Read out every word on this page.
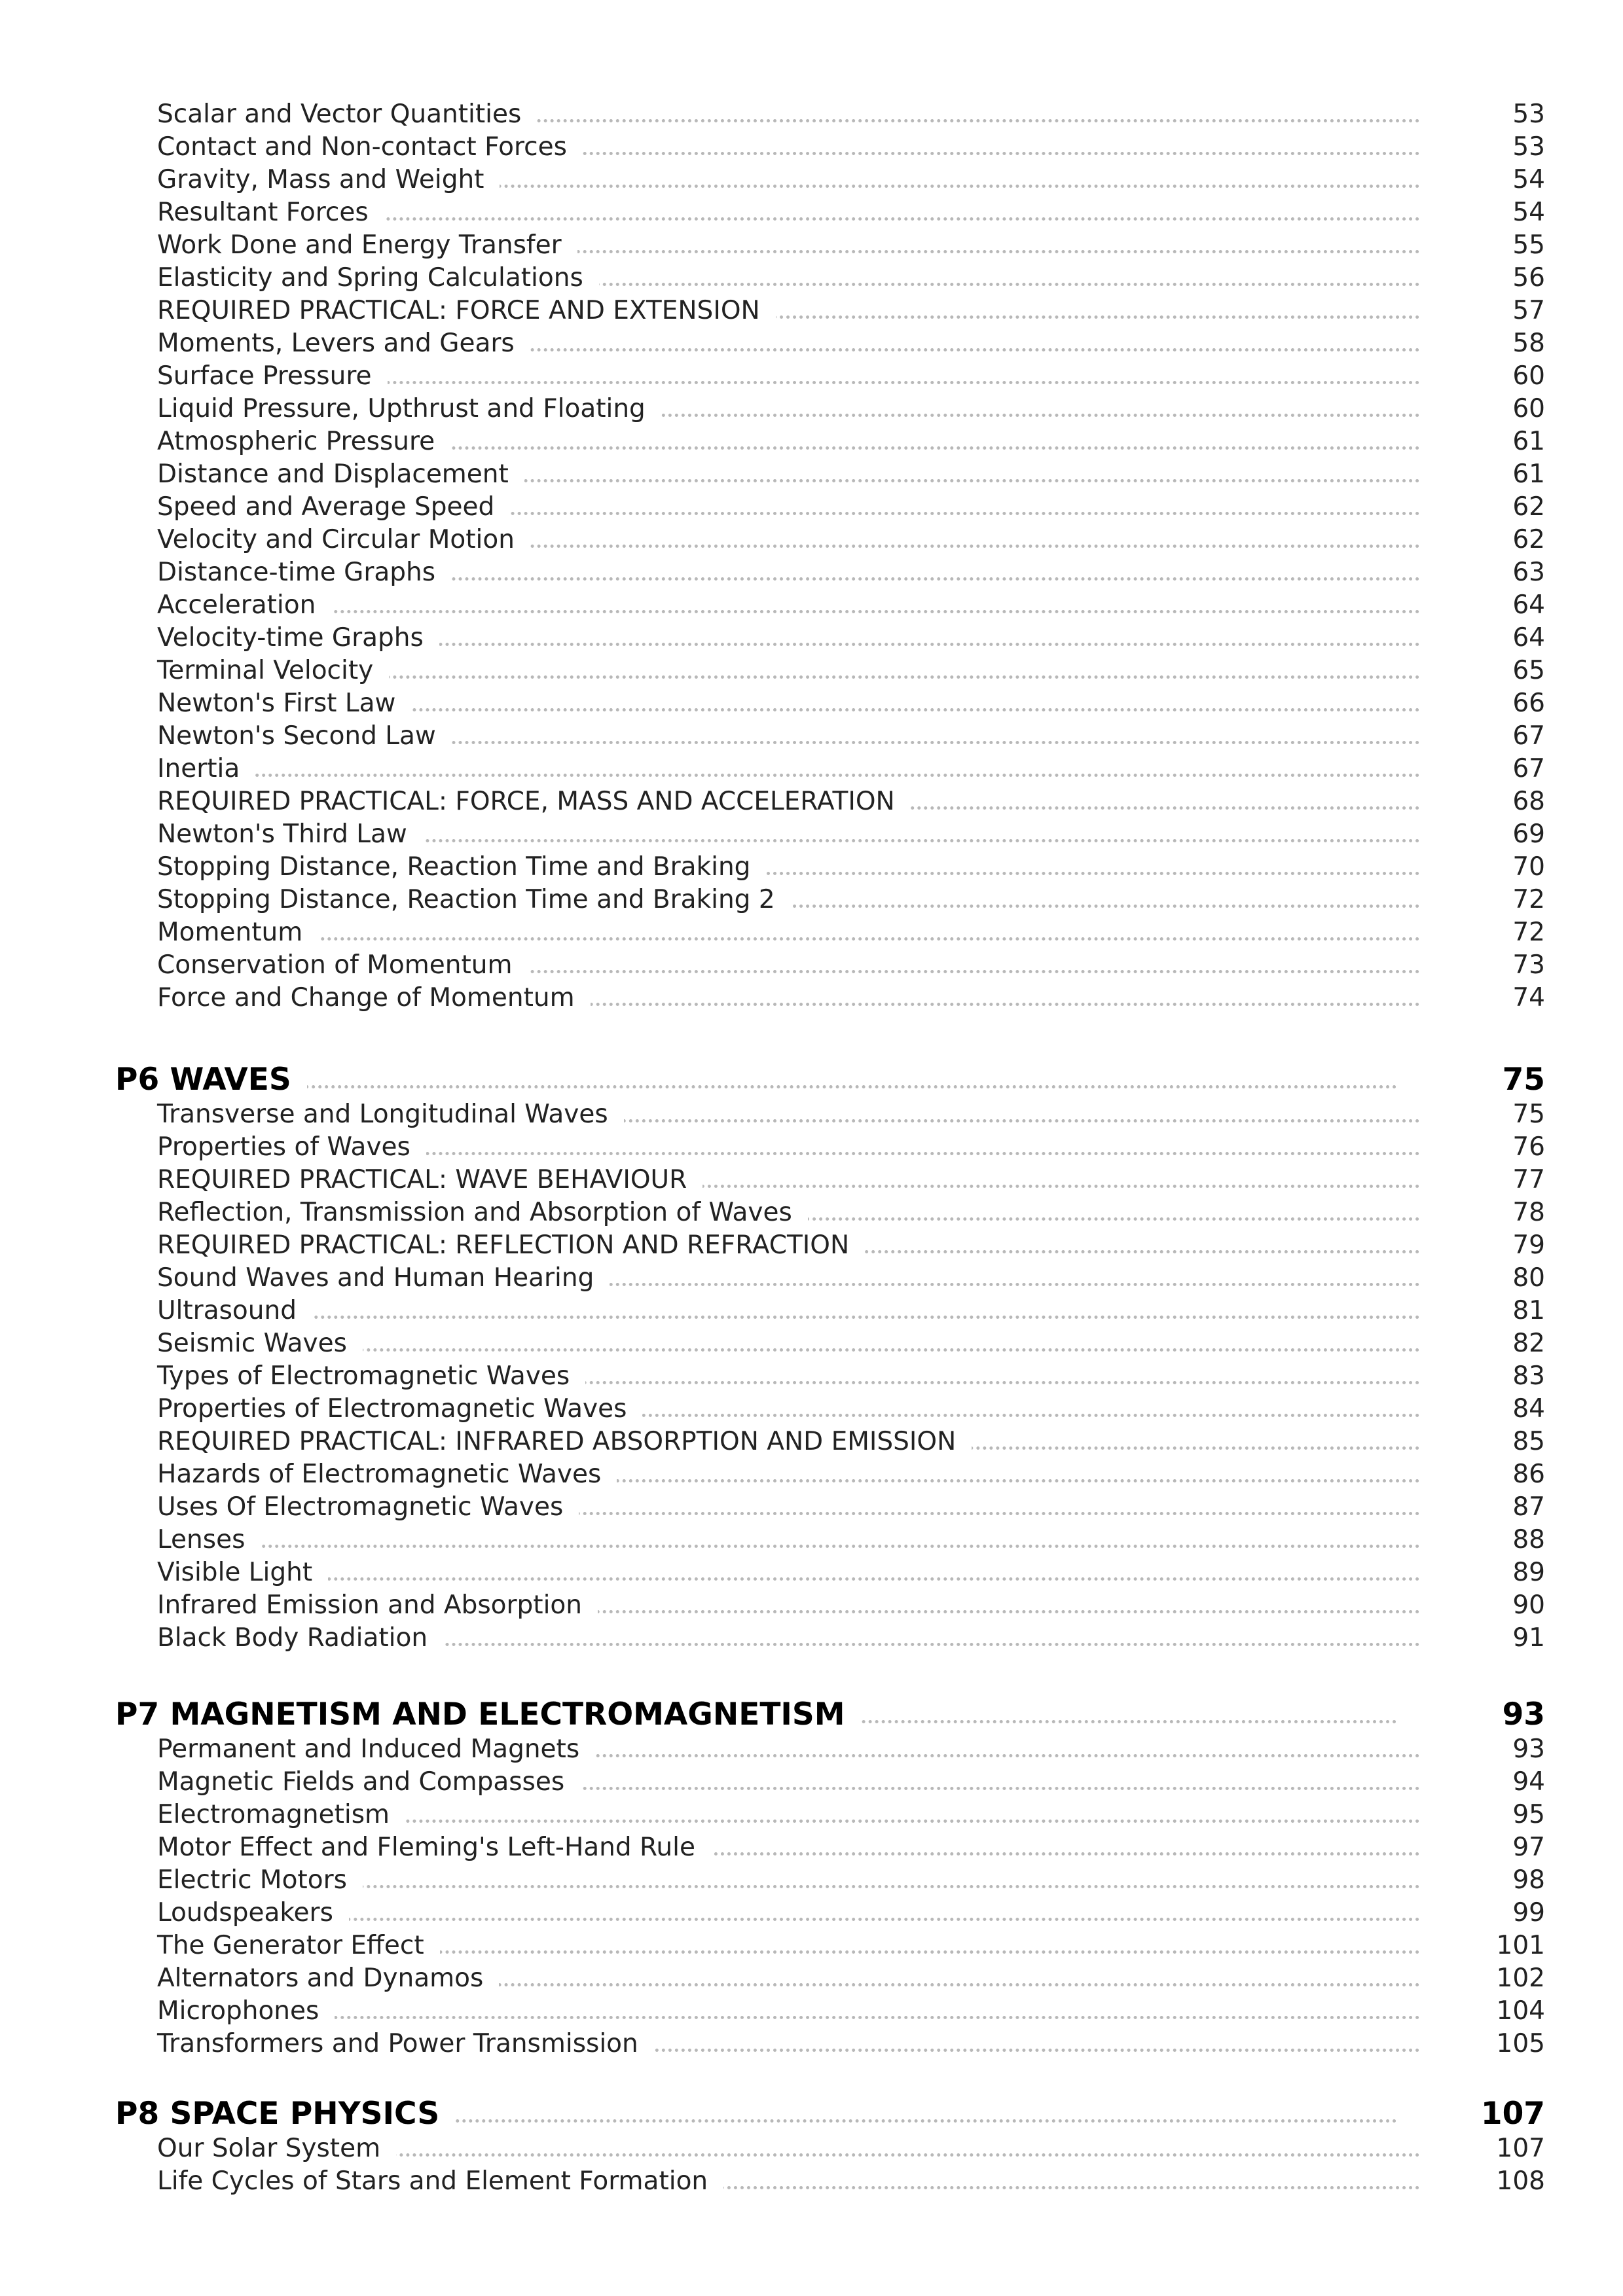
Scalar and Vector Quantities	53
Contact and Non-contact Forces	53
Gravity, Mass and Weight	54
Resultant Forces	54
Work Done and Energy Transfer	55
Elasticity and Spring Calculations	56
REQUIRED PRACTICAL: FORCE AND EXTENSION	57
Moments, Levers and Gears	58
Surface Pressure	60
Liquid Pressure, Upthrust and Floating	60
Atmospheric Pressure	61
Distance and Displacement	61
Speed and Average Speed	62
Velocity and Circular Motion	62
Distance-time Graphs	63
Acceleration	64
Velocity-time Graphs	64
Terminal Velocity	65
Newton's First Law	66
Newton's Second Law	67
Inertia	67
REQUIRED PRACTICAL: FORCE, MASS AND ACCELERATION	68
Newton's Third Law	69
Stopping Distance, Reaction Time and Braking	70
Stopping Distance, Reaction Time and Braking 2	72
Momentum	72
Conservation of Momentum	73
Force and Change of Momentum	74
P6 WAVES	75
Transverse and Longitudinal Waves	75
Properties of Waves	76
REQUIRED PRACTICAL: WAVE BEHAVIOUR	77
Reflection, Transmission and Absorption of Waves	78
REQUIRED PRACTICAL: REFLECTION AND REFRACTION	79
Sound Waves and Human Hearing	80
Ultrasound	81
Seismic Waves	82
Types of Electromagnetic Waves	83
Properties of Electromagnetic Waves	84
REQUIRED PRACTICAL: INFRARED ABSORPTION AND EMISSION	85
Hazards of Electromagnetic Waves	86
Uses Of Electromagnetic Waves	87
Lenses	88
Visible Light	89
Infrared Emission and Absorption	90
Black Body Radiation	91
P7 MAGNETISM AND ELECTROMAGNETISM	93
Permanent and Induced Magnets	93
Magnetic Fields and Compasses	94
Electromagnetism	95
Motor Effect and Fleming's Left-Hand Rule	97
Electric Motors	98
Loudspeakers	99
The Generator Effect	101
Alternators and Dynamos	102
Microphones	104
Transformers and Power Transmission	105
P8 SPACE PHYSICS	107
Our Solar System	107
Life Cycles of Stars and Element Formation	108
